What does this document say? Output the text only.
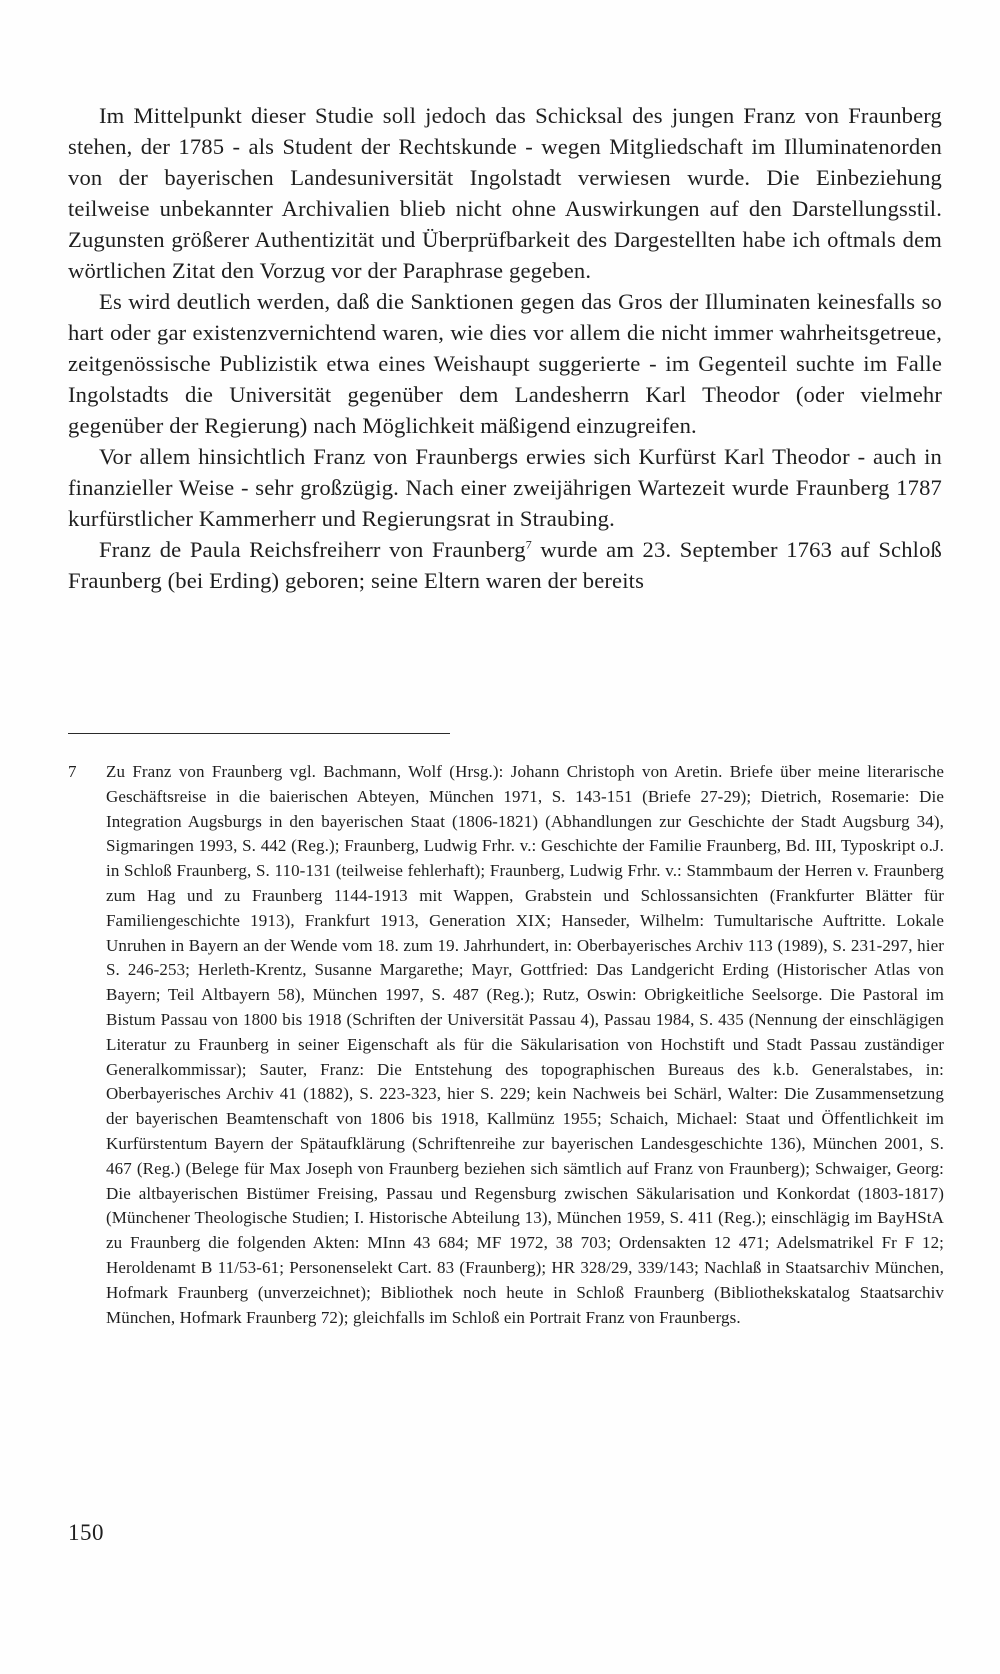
Im Mittelpunkt dieser Studie soll jedoch das Schicksal des jungen Franz von Fraunberg stehen, der 1785 - als Student der Rechtskunde - wegen Mitgliedschaft im Illuminatenorden von der bayerischen Landesuniversität Ingolstadt verwiesen wurde. Die Einbeziehung teilweise unbekannter Archivalien blieb nicht ohne Auswirkungen auf den Darstellungsstil. Zugunsten größerer Authentizität und Überprüfbarkeit des Dargestellten habe ich oftmals dem wörtlichen Zitat den Vorzug vor der Paraphrase gegeben.

Es wird deutlich werden, daß die Sanktionen gegen das Gros der Illuminaten keinesfalls so hart oder gar existenzvernichtend waren, wie dies vor allem die nicht immer wahrheitsgetreue, zeitgenössische Publizistik etwa eines Weishaupt suggerierte - im Gegenteil suchte im Falle Ingolstadts die Universität gegenüber dem Landesherrn Karl Theodor (oder vielmehr gegenüber der Regierung) nach Möglichkeit mäßigend einzugreifen.

Vor allem hinsichtlich Franz von Fraunbergs erwies sich Kurfürst Karl Theodor - auch in finanzieller Weise - sehr großzügig. Nach einer zweijährigen Wartezeit wurde Fraunberg 1787 kurfürstlicher Kammerherr und Regierungsrat in Straubing.

Franz de Paula Reichsfreiherr von Fraunberg$^7$ wurde am 23. September 1763 auf Schloß Fraunberg (bei Erding) geboren; seine Eltern waren der bereits

7 Zu Franz von Fraunberg vgl. Bachmann, Wolf (Hrsg.): Johann Christoph von Aretin. Briefe über meine literarische Geschäftsreise in die baierischen Abteyen, München 1971, S. 143-151 (Briefe 27-29); Dietrich, Rosemarie: Die Integration Augsburgs in den bayerischen Staat (1806-1821) (Abhandlungen zur Geschichte der Stadt Augsburg 34), Sigmaringen 1993, S. 442 (Reg.); Fraunberg, Ludwig Frhr. v.: Geschichte der Familie Fraunberg, Bd. III, Typoskript o.J. in Schloß Fraunberg, S. 110-131 (teilweise fehlerhaft); Fraunberg, Ludwig Frhr. v.: Stammbaum der Herren v. Fraunberg zum Hag und zu Fraunberg 1144-1913 mit Wappen, Grabstein und Schlossansichten (Frankfurter Blätter für Familiengeschichte 1913), Frankfurt 1913, Generation XIX; Hanseder, Wilhelm: Tumultarische Auftritte. Lokale Unruhen in Bayern an der Wende vom 18. zum 19. Jahrhundert, in: Oberbayerisches Archiv 113 (1989), S. 231-297, hier S. 246-253; Herleth-Krentz, Susanne Margarethe; Mayr, Gottfried: Das Landgericht Erding (Historischer Atlas von Bayern; Teil Altbayern 58), München 1997, S. 487 (Reg.); Rutz, Oswin: Obrigkeitliche Seelsorge. Die Pastoral im Bistum Passau von 1800 bis 1918 (Schriften der Universität Passau 4), Passau 1984, S. 435 (Nennung der einschlägigen Literatur zu Fraunberg in seiner Eigenschaft als für die Säkularisation von Hochstift und Stadt Passau zuständiger Generalkommissar); Sauter, Franz: Die Entstehung des topographischen Bureaus des k.b. Generalstabes, in: Oberbayerisches Archiv 41 (1882), S. 223-323, hier S. 229; kein Nachweis bei Schärl, Walter: Die Zusammensetzung der bayerischen Beamtenschaft von 1806 bis 1918, Kallmünz 1955; Schaich, Michael: Staat und Öffentlichkeit im Kurfürstentum Bayern der Spätaufklärung (Schriftenreihe zur bayerischen Landesgeschichte 136), München 2001, S. 467 (Reg.) (Belege für Max Joseph von Fraunberg beziehen sich sämtlich auf Franz von Fraunberg); Schwaiger, Georg: Die altbayerischen Bistümer Freising, Passau und Regensburg zwischen Säkularisation und Konkordat (1803-1817) (Münchener Theologische Studien; I. Historische Abteilung 13), München 1959, S. 411 (Reg.); einschlägig im BayHStA zu Fraunberg die folgenden Akten: MInn 43 684; MF 1972, 38 703; Ordensakten 12 471; Adelsmatrikel Fr F 12; Heroldenamt B 11/53-61; Personenselekt Cart. 83 (Fraunberg); HR 328/29, 339/143; Nachlaß in Staatsarchiv München, Hofmark Fraunberg (unverzeichnet); Bibliothek noch heute in Schloß Fraunberg (Bibliothekskatalog Staatsarchiv München, Hofmark Fraunberg 72); gleichfalls im Schloß ein Portrait Franz von Fraunbergs.
150
